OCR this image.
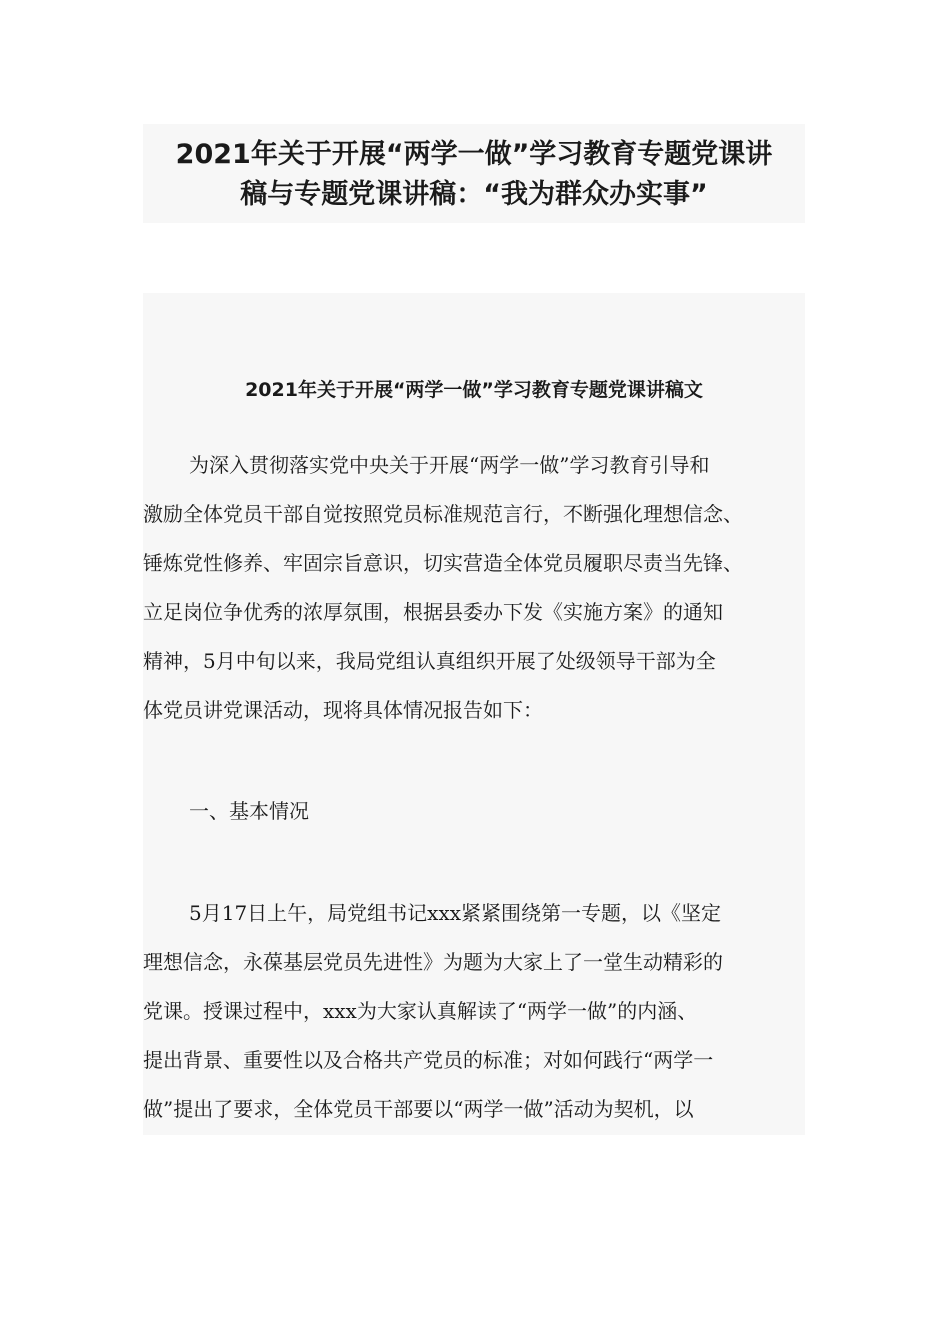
2021年关于开展“两学一做”学习教育专题党课讲
稿与专题党课讲稿：“我为群众办实事”
2021年关于开展“两学一做”学习教育专题党课讲稿文
为深入贯彻落实党中央关于开展“两学一做”学习教育引导和
激励全体党员干部自觉按照党员标准规范言行，不断强化理想信念、
锤炼党性修养、牢固宗旨意识，切实营造全体党员履职尽责当先锋、
立足岗位争优秀的浓厚氛围，根据县委办下发《实施方案》的通知
精神，5月中旬以来，我局党组认真组织开展了处级领导干部为全
体党员讲党课活动，现将具体情况报告如下：
一、基本情况
5月17日上午，局党组书记xxx紧紧围绕第一专题，以《坚定
理想信念，永葆基层党员先进性》为题为大家上了一堂生动精彩的
党课。授课过程中，xxx为大家认真解读了“两学一做”的内涵、
提出背景、重要性以及合格共产党员的标准；对如何践行“两学一
做”提出了要求，全体党员干部要以“两学一做”活动为契机，以
